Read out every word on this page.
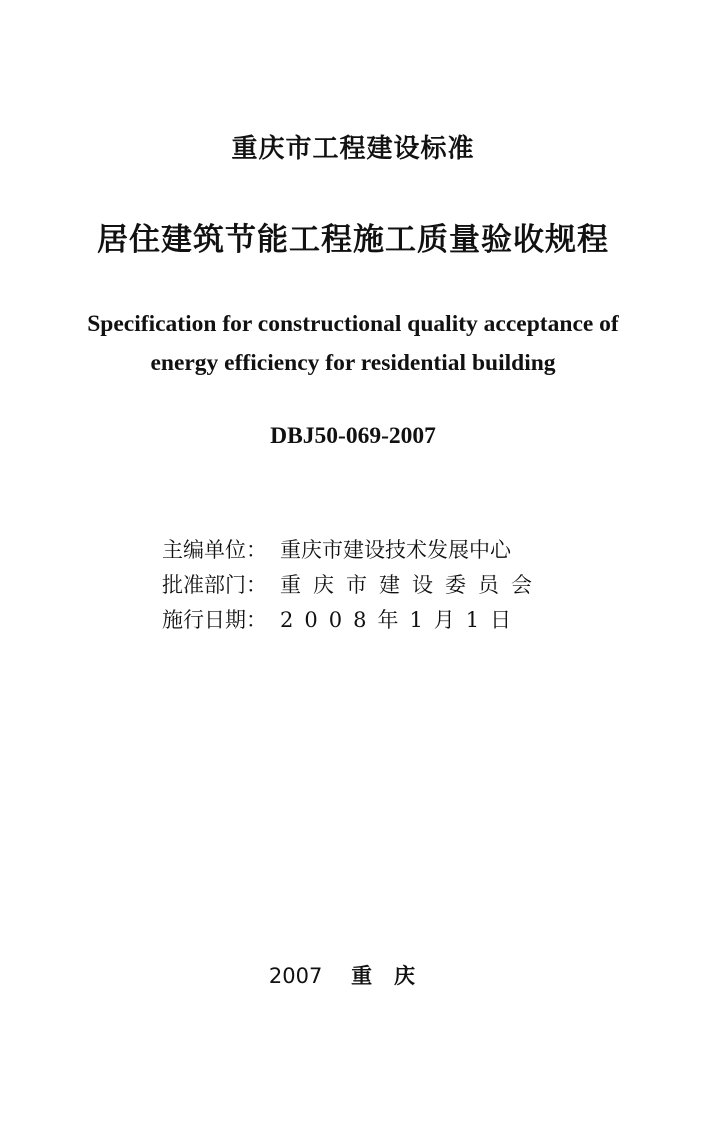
重庆市工程建设标准
居住建筑节能工程施工质量验收规程
Specification for constructional quality acceptance of
energy efficiency for residential building
DBJ50-069-2007
主编单位： 重庆市建设技术发展中心
批准部门： 重庆市建设委员会
施行日期： 2008年1月1日
2007 重庆
